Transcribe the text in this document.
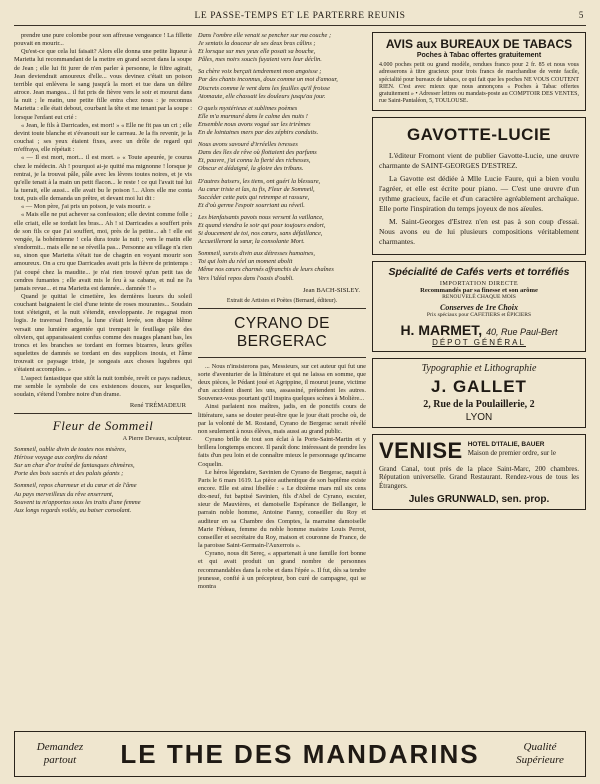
LE PASSE-TEMPS ET LE PARTERRE REUNIS	5

prendre une pure colombe pour son affreuse vengeance ! La fillette pouvait en mourir...

Qu'est-ce que cela lui faisait? Alors elle donna une petite liqueur à Marietta lui recommandant de la mettre en grand secret dans la soupe de Jean ; elle lui fit jurer de n'en parler à personne, le filtre agirait, Jean deviendrait amoureux d'elle... vous devinez c'était un poison terrible qui enlèvera le sang jusqu'à la mort et tue dans un délire atroce. Jean mangea... il fut pris de fièvre vers le soir et mourut dans la nuit ; le matin, une petite fille entra chez nous : je reconnus Marietta : elle était debout, courbant la tête et me tenant par la soupe : lorsque l'enfant eut crié :

« Jean, le fils à Darricades, est mort! » « Elle ne fit pas un cri ; elle devint toute blanche et s'évanouit sur le carreau. Je la fis revenir, je la couchai ; ses yeux étaient fixes, avec un drôle de regard qui m'effraya, elle répétait :

« — Il est mort, mort... il est mort. » « Toute apeurée, je courus chez le médecin. Ah ! pourquoi ai-je quitté ma mignonne ! lorsque je rentrai, je la trouvai pâle, pâle avec les lèvres toutes noires, et je vis qu'elle tenait à la main un petit flacon... le reste ! ce qui l'avait tué lui la tuerait, elle aussi... elle avait bu le poison !... Alors elle me conta tout, puis elle demanda un prêtre, et devant moi lui dit :

« — Mon père, j'ai pris un poison, je vais mourir. »

« Mais elle ne put achever sa confession; elle devint comme folle ; elle criait, elle se tordait les bras... Ah ! si Darricades a souffert près de son fils ce que j'ai souffert, moi, près de la petite... ah ! elle est vengée, la bohémienne ! cela dura toute la nuit ; vers le matin elle s'endormit... mais elle ne se réveilla pas... Personne au village n'a rien su, sinon que Marietta s'était tue de chagrin en voyant mourir son amoureux. On a cru que Darricades avait pris la fièvre de printemps : j'ai coupé chez la maudite... je n'ai rien trouvé qu'un petit tas de cendres fumantes ; elle avait mis le feu à sa cabane, et nul ne l'a jamais revue... et ma Marietta est damnée... damnée !! »

Quand je quittai le cimetière, les dernières lueurs du soleil couchant baignaient le ciel d'une teinte de roses mourantes... Soudain tout s'éteignit, et la nuit s'étendit, enveloppante. Je regagnai mon logis. Je traversai l'endos, la lune s'était levée, son disque blême versait une lumière argentée qui trempait le feuillage pâle des oliviers, qui apparaissaient confus comme des nuages planant bas, les troncs et les branches se tordant en formes bizarres, leurs grêles squelettes de damnés se tordant en des supplices inouis, et l'âme trouvait ce paysage triste, je songeais aux choses lugubres qui s'étaient accomplies. »

L'aspect fantastique que sitôt la nuit tombée, revêt ce pays radieux, me semble le symbole de ces existences douces, sur lesquelles, soudain, s'étend l'ombre noire d'un drame.

René TRÉMADEUR
Fleur de Sommeil
A Pierre Devaux, sculpteur.
Sommeil, oublie divin de toutes nos misères,
Hérisse voyage aux confins du néant
Sur un char d'or traîné de fantasques chimères,
Porte des bois sacrés et des palais géants ;
Sommeil, repos charmeur et du cœur et de l'âme
Au pays merveilleux du rêve enserrant,
Souvent tu m'apportas sous les traits d'une femme
Aux longs regards voilés, au baiser consolant.
Dans l'ombre elle venait se pencher sur ma couche ;
Je sentais la douceur de ses deux bras câlins ;
Et lorsque sur mes yeux elle posait sa bouche,
Pâles, mes noirs soucis fuyaient vers leur déclin.
Sa chère voix berçait tendrement mon angoisse ;
Par des chants inconnus, doux comme un mot d'amour,
Discrets comme le vent dans les feuilles qu'il froisse
Atomaute, elle chassait les douleurs jusqu'au jour.
O quels mystérieux et sublimes poèmes
Elle m'a murmuré dans le calme des nuits !
Ensemble nous avons vogué sur les trirèmes
En de lointaines mers par des zéphirs conduits.
Nous avons savouré d'irréelles ivresses
Dans des îles de rêve où flottaient des parfums
Et, pauvre, j'ai connu la fierté des richesses,
Obscur et dédaigné, la gloire des tribuns.
D'autres baisers, les tiens, ont guéri la blessure,
Au cœur triste et las, tu fis, Fleur de Sommeil,
Succéder cette paix qui retrempe et rassure,
Et d'où germe l'espoir sourriant au réveil.
Les bienfaisants pavots nous versent la vaillance,
Et quand viendra le soir qui pour toujours endort,
Si doucement de toi, nos cœurs, sans défaillance,
Accueilleront la sœur, la consolante Mort.
Sommeil, sursis divin aux détresses humaines,
Toi qui loin du réel un moment abolit
Même nos cœurs charmés affranchis de leurs chaînes
Vers l'idéal repos dans l'oasis d'oubli.
Jean BACH-SISLEY.
Extrait de Artistes et Poètes (Bernard, éditeur).
CYRANO DE BERGERAC

... Nous n'insisterons pas, Messieurs, sur cet auteur qui fut une sorte d'aventurier de la littérature et qui ne laissa en somme, que deux pièces, le Pédant joué et Agrippine, il mourut jeune, victime d'un accident disent les uns, assassiné, prétendent les autres. Souvenez-vous pourtant qu'il inspira quelques scènes à Molière...

Ainsi parlaient nos maîtres, jadis, en de ponctifs cours de littérature, sans se douter peut-être que le jour était proche où, de par la volonté de M. Rostand, Cyrano de Bergerac serait révélé non seulement à nous élèves, mais aussi au grand public.

Cyrano brille de tout son éclat à la Porte-Saint-Martin et y brillera longtemps encore. Il paraît donc intéressant de prendre les faits d'un peu loin et de connaître mieux le personnage qu'incarne Coquelin.

Le héros légendaire, Savinien de Cyrano de Bergerac, naquit à Paris le 6 mars 1619. La pièce authentique de son baptême existe encore. Elle est ainsi libellée : « Le dixième mars mil six cens dix-neuf, fut baptisé Savinien, fils d'Abel de Cyrano, escuier, sieur de Mauvières, et damoiselle Espérance de Bellanger, le parrain noble homme, Antoine Fanny, conseiller du Roy et auditeur en sa Chambre des Comptes, la marraine damoiselle Marie Fédeau, femme du noble homme maistre Louis Perrot, conseiller et secrétaire du Roy, maison et couronne de France, de la paroisse Saint-Germain-l'Auxerrois ».

Cyrano, nous dit Sereç, « appartenait à une famille fort bonne et qui avait produit un grand nombre de personnes recommandables dans la robe et dans l'épée ». Il fut, dès sa tendre jeunesse, confié à un précepteur, bon curé de campagne, qui se montra

AVIS aux BUREAUX DE TABACS
Poches à Tabac offertes gratuitement
4.000 poches petit ou grand modèle, rendues franco pour 2 fr. 85 et nous vous adresserons à titre gracieux pour trois francs de marchandise de vente facile, spécialité pour bureaux de tabacs, ce qui fait que les poches NE VOUS COUTENT RIEN. C'est avec mieux que nous annonçons « Poches à Tabac offertes gratuitement » • Adresser lettres ou mandats-poste au COMPTOIR DES VENTES, rue Saint-Pantaléon, 5, TOULOUSE.
GAVOTTE-LUCIE

L'éditeur Fromont vient de publier Gavotte-Lucie, une œuvre charmante de SAINT-GEORGES D'ESTREZ.

La Gavotte est dédiée à Mlle Lucie Faure, qui a bien voulu l'agréer, et elle est écrite pour piano. — C'est une œuvre d'un rythme gracieux, facile et d'un caractère agréablement archaïque. Elle porte l'inspiration du temps joyeux de nos aïeules.

M. Saint-Georges d'Estrez n'en est pas à son coup d'essai. Nous avons eu de lui plusieurs compositions véritablement charmantes.

Spécialité de Cafés verts et torréfiés
IMPORTATION DIRECTE
Recommandés par sa finesse et son arôme
RENOUVELÉ CHAQUE MOIS
Conserves de 1re Choix
Prix spéciaux pour CAFETIERS et ÉPICIERS
H. MARMET, 40, Rue Paul-Bert
DÉPOT GÉNÉRAL
Typographie et Lithographie
J. GALLET
2, Rue de la Poulaillerie, 2
LYON
VENISE HOTEL D'ITALIE, BAUER
Maison de premier ordre, sur le
Grand Canal, tout près de la place Saint-Marc, 200 chambres. Réputation universelle. Grand Restaurant. Rendez-vous de tous les Étrangers.
Jules GRUNWALD, sen. prop.
Demandez
partout	LE THE DES MANDARINS	Qualité
Supérieure
